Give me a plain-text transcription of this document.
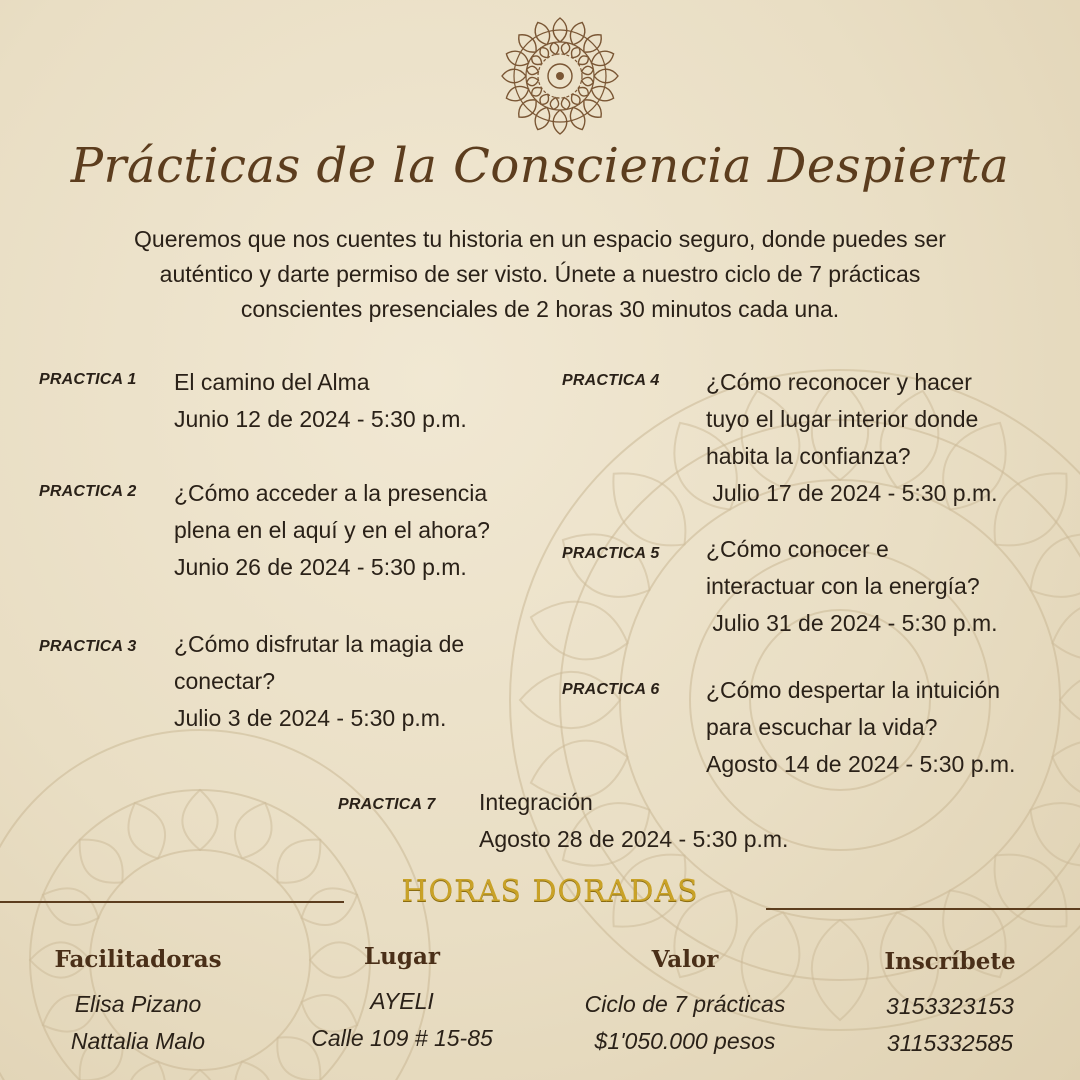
Prácticas de la Consciencia Despierta
Queremos que nos cuentes tu historia en un espacio seguro, donde puedes ser
auténtico y darte permiso de ser visto. Únete a nuestro ciclo de 7 prácticas
conscientes presenciales de 2 horas 30 minutos cada una.
PRACTICA 1 El camino del Alma
Junio 12 de 2024 - 5:30 p.m.
PRACTICA 2 ¿Cómo acceder a la presencia
plena en el aquí y en el ahora?
Junio 26 de 2024 - 5:30 p.m.
PRACTICA 3 ¿Cómo disfrutar la magia de
conectar?
Julio 3 de 2024 - 5:30 p.m.
PRACTICA 4 ¿Cómo reconocer y hacer
tuyo el lugar interior donde
habita la confianza?
Julio 17 de 2024 - 5:30 p.m.
PRACTICA 5 ¿Cómo conocer e
interactuar con la energía?
Julio 31 de 2024 - 5:30 p.m.
PRACTICA 6 ¿Cómo despertar la intuición
para escuchar la vida?
Agosto 14 de 2024 - 5:30 p.m.
PRACTICA 7 Integración
Agosto 28 de 2024 - 5:30 p.m.
HORAS DORADAS
Facilitadoras
Elisa Pizano
Nattalia Malo
Lugar
AYELI
Calle 109 # 15-85
Valor
Ciclo de 7 prácticas
$1'050.000 pesos
Inscríbete
3153323153
3115332585
